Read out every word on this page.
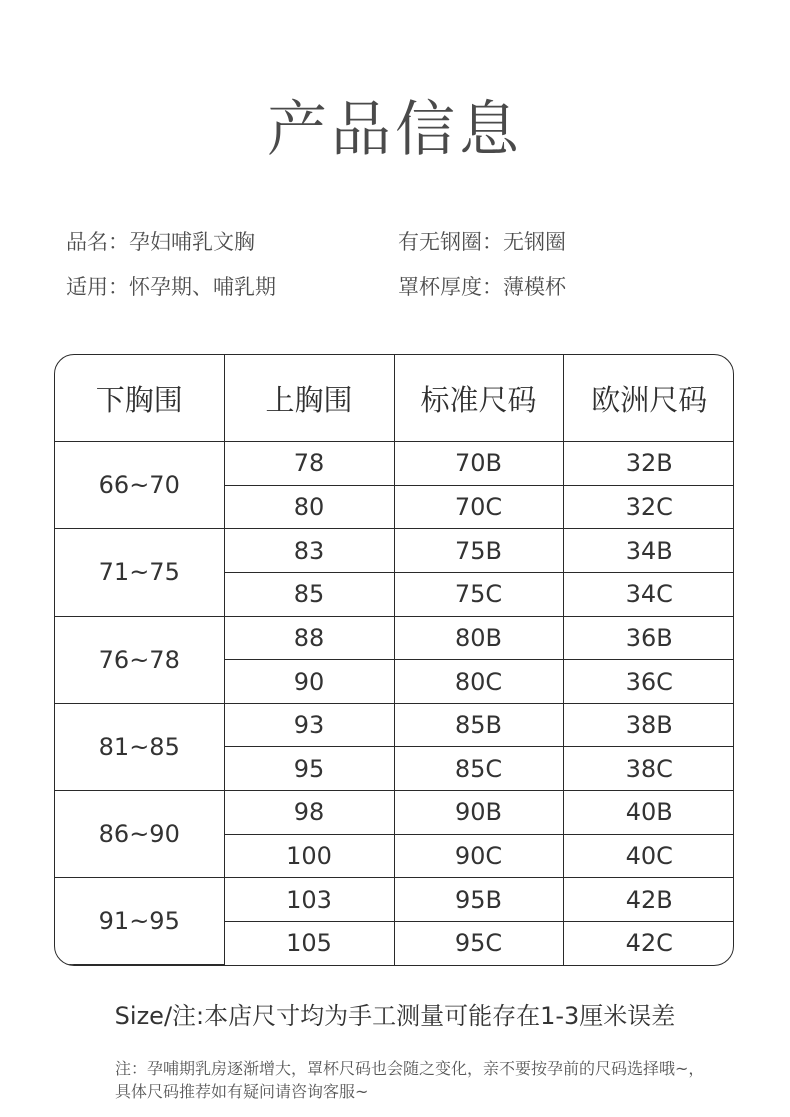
产品信息
品名：孕妇哺乳文胸	有无钢圈：无钢圈
适用：怀孕期、哺乳期	罩杯厚度：薄模杯
下胸围	上胸围	标准尺码	欧洲尺码
66~70	78	70B	32B
	80	70C	32C
71~75	83	75B	34B
	85	75C	34C
76~78	88	80B	36B
	90	80C	36C
81~85	93	85B	38B
	95	85C	38C
86~90	98	90B	40B
	100	90C	40C
91~95	103	95B	42B
	105	95C	42C
Size/注:本店尺寸均为手工测量可能存在1-3厘米误差
注：孕哺期乳房逐渐增大，罩杯尺码也会随之变化，亲不要按孕前的尺码选择哦~，具体尺码推荐如有疑问请咨询客服~
